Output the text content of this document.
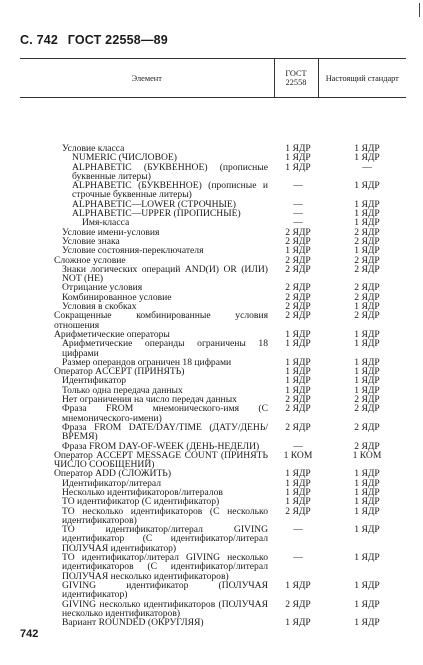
С. 742 ГОСТ 22558—89
Элемент	ГОСТ 22558	Настоящий стандарт

Условие класса	1 ЯДР	1 ЯДР
NUMERIC (ЧИСЛОВОЕ)	1 ЯДР	1 ЯДР
ALPHABETIC (БУКВЕННОЕ) (прописные буквенные литеры)	1 ЯДР	—
ALPHABETIC (БУКВЕННОЕ) (прописные и строчные буквенные литеры)	—	1 ЯДР
ALPHABETIC—LOWER (СТРОЧНЫЕ)	—	1 ЯДР
ALPHABETIC—UPPER (ПРОПИСНЫЕ)	—	1 ЯДР
Имя-класса	—	1 ЯДР
Условие имени-условия	2 ЯДР	2 ЯДР
Условие знака	2 ЯДР	2 ЯДР
Условие состояния-переключателя	1 ЯДР	1 ЯДР
Сложное условие	2 ЯДР	2 ЯДР
Знаки логических операций AND(И) OR (ИЛИ) NOT (НЕ)	2 ЯДР	2 ЯДР
Отрицание условия	2 ЯДР	2 ЯДР
Комбинированное условие	2 ЯДР	2 ЯДР
Условия в скобках	2 ЯДР	1 ЯДР
Сокращенные комбинированные условия отношения	2 ЯДР	2 ЯДР
Арифметические операторы	1 ЯДР	1 ЯДР
Арифметические операнды ограничены 18 цифрами	1 ЯДР	1 ЯДР
Размер операндов ограничен 18 цифрами	1 ЯДР	1 ЯДР
Оператор ACCEPT (ПРИНЯТЬ)	1 ЯДР	1 ЯДР
Идентификатор	1 ЯДР	1 ЯДР
Только одна передача данных	1 ЯДР	1 ЯДР
Нет ограничения на число передач данных	2 ЯДР	2 ЯДР
Фраза FROM мнемонического-имя (С мнемонического-имени)	2 ЯДР	2 ЯДР
Фраза FROM DATE/DAY/TIME (ДАТУ/ДЕНЬ/ВРЕМЯ)	2 ЯДР	2 ЯДР
Фраза FROM DAY-OF-WEEK (ДЕНЬ-НЕДЕЛИ)	—	2 ЯДР
Оператор ACCEPT MESSAGE COUNT (ПРИНЯТЬ ЧИСЛО СООБЩЕНИЙ)	1 КОМ	1 КОМ
Оператор ADD (СЛОЖИТЬ)	1 ЯДР	1 ЯДР
Идентификатор/литерал	1 ЯДР	1 ЯДР
Несколько идентификаторов/литералов	1 ЯДР	1 ЯДР
ТО идентификатор (С идентификатор)	1 ЯДР	1 ЯДР
ТО несколько идентификаторов (С несколько идентификаторов)	2 ЯДР	1 ЯДР
ТО идентификатор/литерал GIVING идентификатор (С идентификатор/литерал ПОЛУЧАЯ идентификатор)	—	1 ЯДР
ТО идентификатор/литерал GIVING несколько идентификаторов (С идентификатор/литерал ПОЛУЧАЯ несколько идентификаторов)	—	1 ЯДР
GIVING идентификатор (ПОЛУЧАЯ идентификатор)	1 ЯДР	1 ЯДР
GIVING несколько идентификаторов (ПОЛУЧАЯ несколько идентификаторов)	2 ЯДР	1 ЯДР
Вариант ROUNDED (ОКРУГЛЯЯ)	1 ЯДР	1 ЯДР
742
